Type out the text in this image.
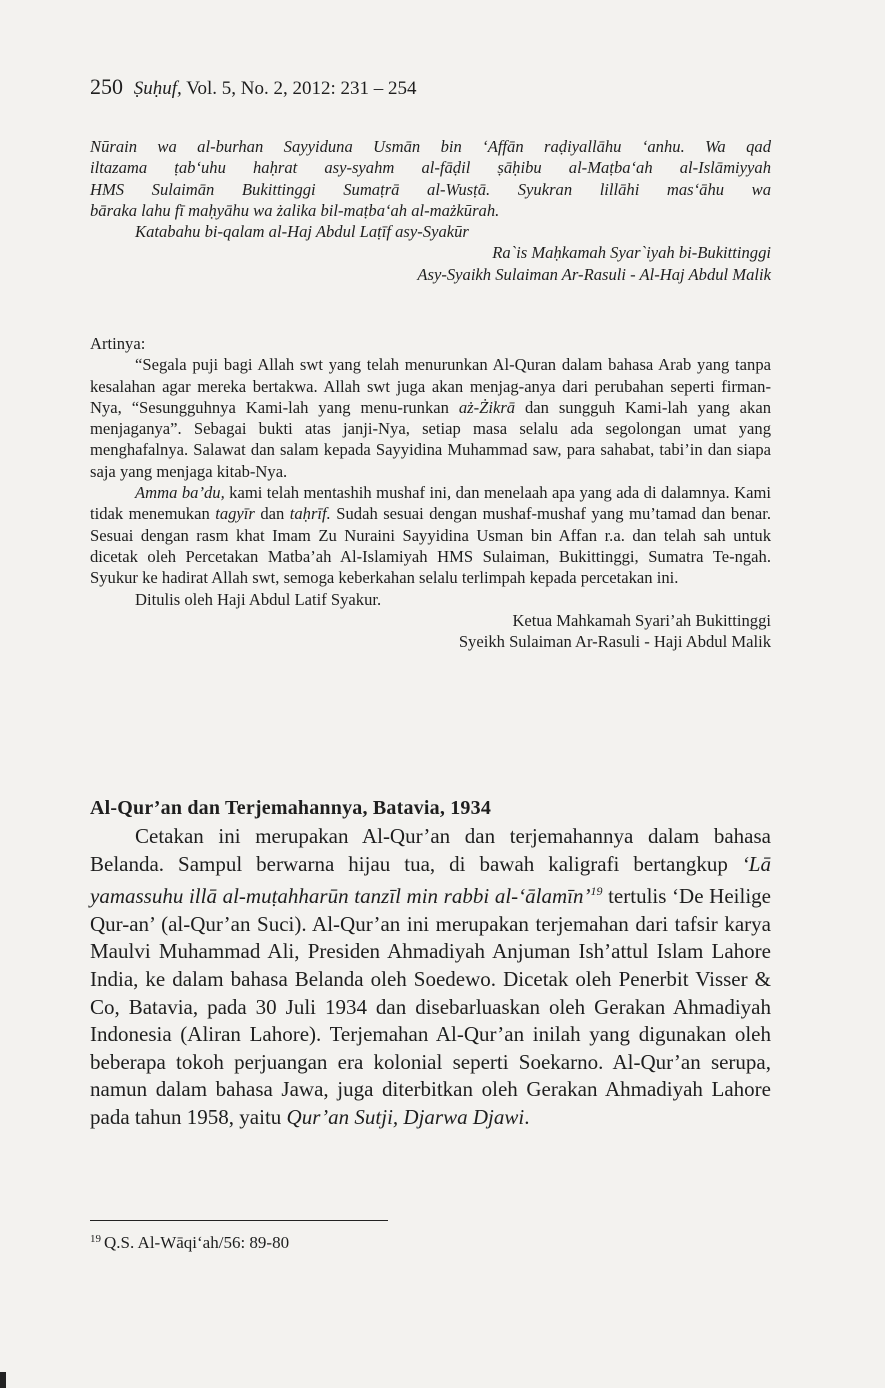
250 Ṣuḥuf, Vol. 5, No. 2, 2012: 231 – 254

Nūrain wa al-burhan Sayyiduna Usmān bin ‘Affān raḍiyallāhu ‘anhu. Wa qad

iltazama ṭab‘uhu haḥrat asy-syahm al-fāḍil ṣāḥibu al-Maṭba‘ah al-Islāmiyyah

HMS Sulaimān Bukittinggi Sumaṭrā al-Wusṭā. Syukran lillāhi mas‘āhu wa

bāraka lahu fī maḥyāhu wa żalika bil-maṭba‘ah al-mażkūrah.

Katabahu bi-qalam al-Haj Abdul Laṭīf asy-Syakūr

Ra`is Maḥkamah Syar`iyah bi-Bukittinggi

Asy-Syaikh Sulaiman Ar-Rasuli - Al-Haj Abdul Malik

Artinya:

“Segala puji bagi Allah swt yang telah menurunkan Al-Quran dalam bahasa Arab yang tanpa kesalahan agar mereka bertakwa. Allah swt juga akan menjag-anya dari perubahan seperti firman-Nya, “Sesungguhnya Kami-lah yang menu-runkan aż-Żikrā dan sungguh Kami-lah yang akan menjaganya”. Sebagai bukti atas janji-Nya, setiap masa selalu ada segolongan umat yang menghafalnya. Salawat dan salam kepada Sayyidina Muhammad saw, para sahabat, tabi’in dan siapa saja yang menjaga kitab-Nya.

Amma ba’du, kami telah mentashih mushaf ini, dan menelaah apa yang ada di dalamnya. Kami tidak menemukan tagyīr dan taḥrīf. Sudah sesuai dengan mushaf-mushaf yang mu’tamad dan benar. Sesuai dengan rasm khat Imam Zu Nuraini Sayyidina Usman bin Affan r.a. dan telah sah untuk dicetak oleh Percetakan Matba’ah Al-Islamiyah HMS Sulaiman, Bukittinggi, Sumatra Te-ngah. Syukur ke hadirat Allah swt, semoga keberkahan selalu terlimpah kepada percetakan ini.

Ditulis oleh Haji Abdul Latif Syakur.

Ketua Mahkamah Syari’ah Bukittinggi

Syeikh Sulaiman Ar-Rasuli - Haji Abdul Malik

Al-Qur’an dan Terjemahannya, Batavia, 1934

Cetakan ini merupakan Al-Qur’an dan terjemahannya dalam bahasa Belanda. Sampul berwarna hijau tua, di bawah kaligrafi bertangkup ‘Lā yamassuhu illā al-muṭahharūn tanzīl min rabbi al-‘ālamīn’$^{19}$ tertulis ‘De Heilige Qur-an’ (al-Qur’an Suci). Al-Qur’an ini merupakan terjemahan dari tafsir karya Maulvi Muhammad Ali, Presiden Ahmadiyah Anjuman Ish’attul Islam Lahore India, ke dalam bahasa Belanda oleh Soedewo. Dicetak oleh Penerbit Visser & Co, Batavia, pada 30 Juli 1934 dan disebarluaskan oleh Gerakan Ahmadiyah Indonesia (Aliran Lahore). Terjemahan Al-Qur’an inilah yang digunakan oleh beberapa tokoh perjuangan era kolonial seperti Soekarno. Al-Qur’an serupa, namun dalam bahasa Jawa, juga diterbitkan oleh Gerakan Ahmadiyah Lahore pada tahun 1958, yaitu Qur’an Sutji, Djarwa Djawi.

$^{19}$ Q.S. Al-Wāqi‘ah/56: 89-80
